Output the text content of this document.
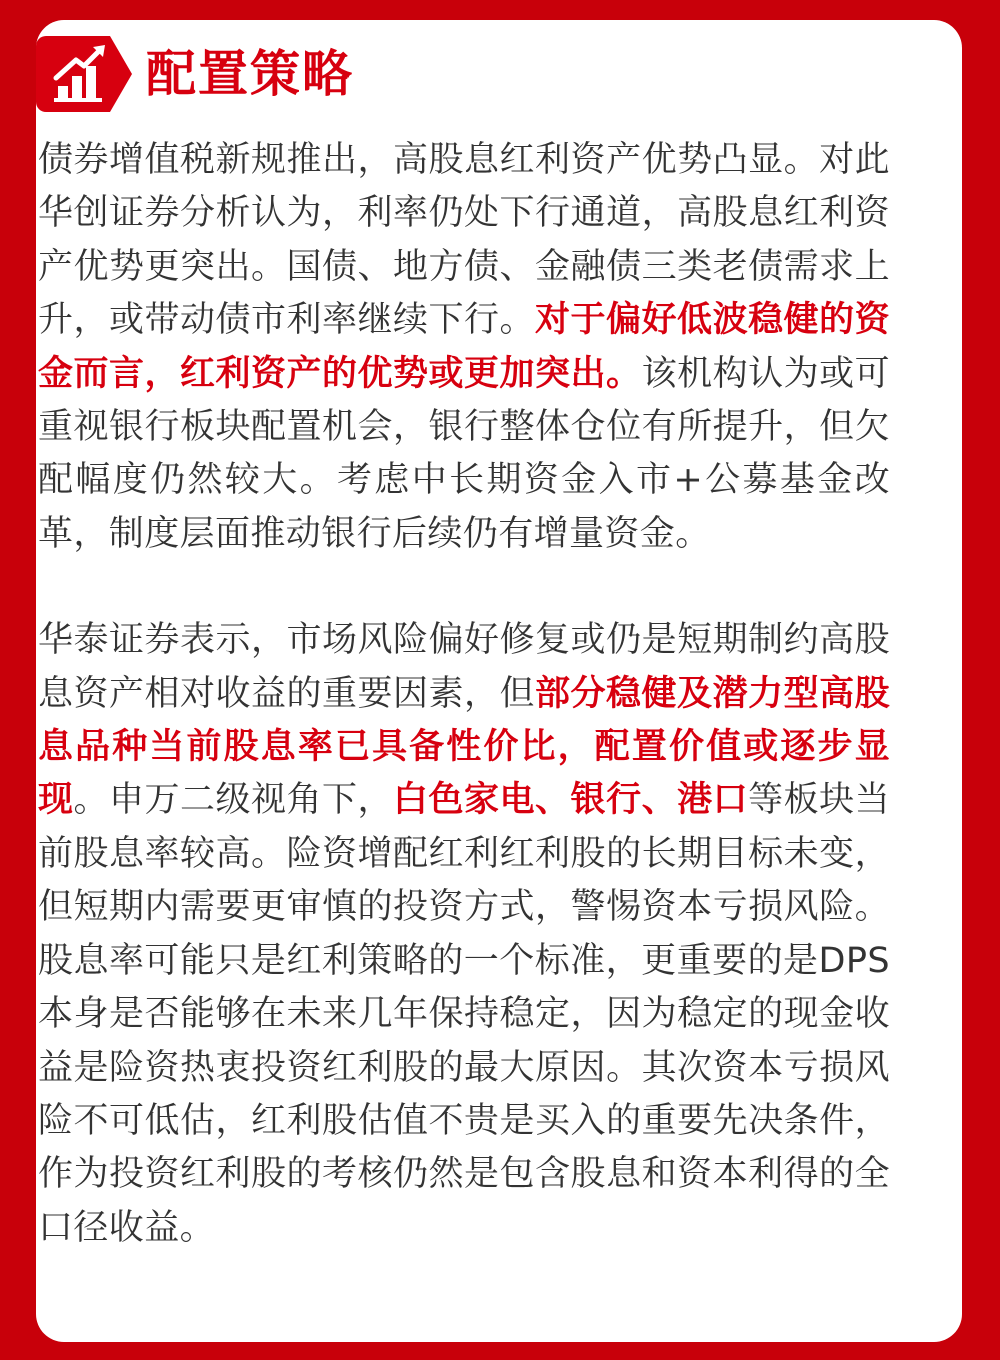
配置策略

债券增值税新规推出，高股息红利资产优势凸显。对此华创证券分析认为，利率仍处下行通道，高股息红利资产优势更突出。国债、地方债、金融债三类老债需求上升，或带动债市利率继续下行。对于偏好低波稳健的资金而言，红利资产的优势或更加突出。该机构认为或可重视银行板块配置机会，银行整体仓位有所提升，但欠配幅度仍然较大。考虑中长期资金入市+公募基金改革，制度层面推动银行后续仍有增量资金。

华泰证券表示，市场风险偏好修复或仍是短期制约高股息资产相对收益的重要因素，但部分稳健及潜力型高股息品种当前股息率已具备性价比，配置价值或逐步显现。申万二级视角下，白色家电、银行、港口等板块当前股息率较高。险资增配红利红利股的长期目标未变，但短期内需要更审慎的投资方式，警惕资本亏损风险。股息率可能只是红利策略的一个标准，更重要的是DPS本身是否能够在未来几年保持稳定，因为稳定的现金收益是险资热衷投资红利股的最大原因。其次资本亏损风险不可低估，红利股估值不贵是买入的重要先决条件，作为投资红利股的考核仍然是包含股息和资本利得的全口径收益。
